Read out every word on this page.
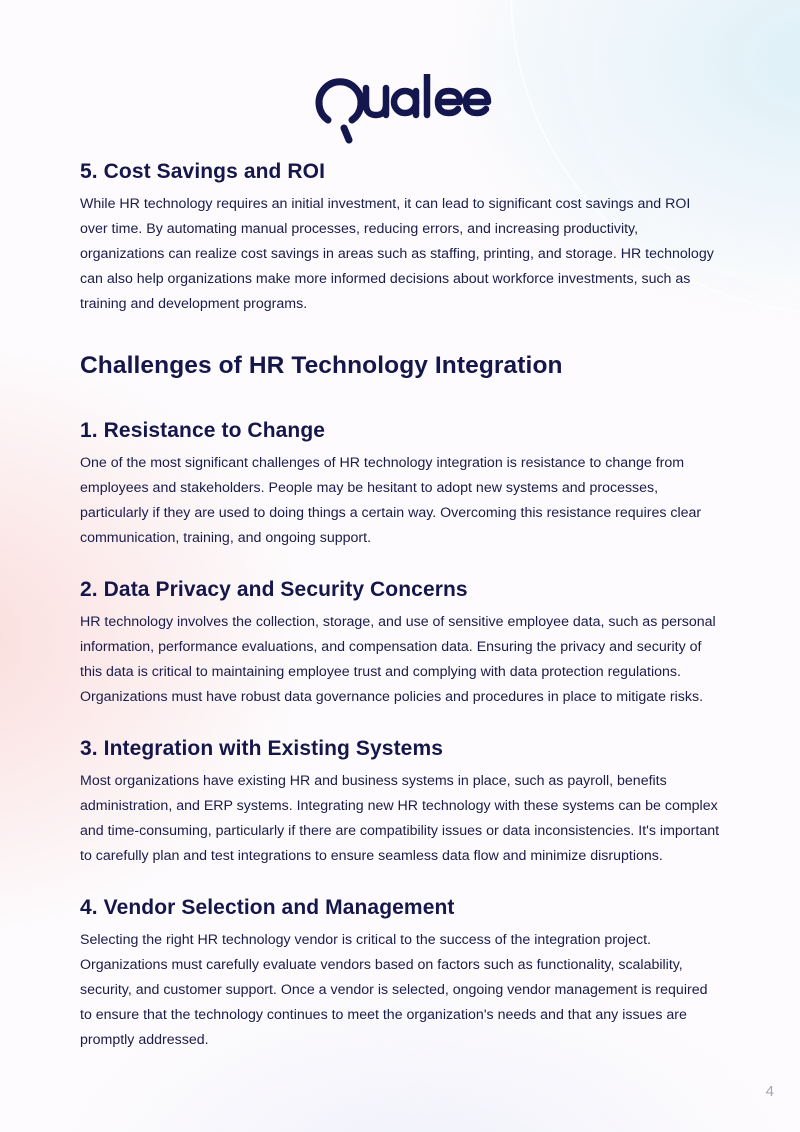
5. Cost Savings and ROI

While HR technology requires an initial investment, it can lead to significant cost savings and ROI over time. By automating manual processes, reducing errors, and increasing productivity, organizations can realize cost savings in areas such as staffing, printing, and storage. HR technology can also help organizations make more informed decisions about workforce investments, such as training and development programs.

Challenges of HR Technology Integration
1. Resistance to Change

One of the most significant challenges of HR technology integration is resistance to change from employees and stakeholders. People may be hesitant to adopt new systems and processes, particularly if they are used to doing things a certain way. Overcoming this resistance requires clear communication, training, and ongoing support.

2. Data Privacy and Security Concerns

HR technology involves the collection, storage, and use of sensitive employee data, such as personal information, performance evaluations, and compensation data. Ensuring the privacy and security of this data is critical to maintaining employee trust and complying with data protection regulations. Organizations must have robust data governance policies and procedures in place to mitigate risks.

3. Integration with Existing Systems

Most organizations have existing HR and business systems in place, such as payroll, benefits administration, and ERP systems. Integrating new HR technology with these systems can be complex and time-consuming, particularly if there are compatibility issues or data inconsistencies. It's important to carefully plan and test integrations to ensure seamless data flow and minimize disruptions.

4. Vendor Selection and Management

Selecting the right HR technology vendor is critical to the success of the integration project. Organizations must carefully evaluate vendors based on factors such as functionality, scalability, security, and customer support. Once a vendor is selected, ongoing vendor management is required to ensure that the technology continues to meet the organization's needs and that any issues are promptly addressed.

4
